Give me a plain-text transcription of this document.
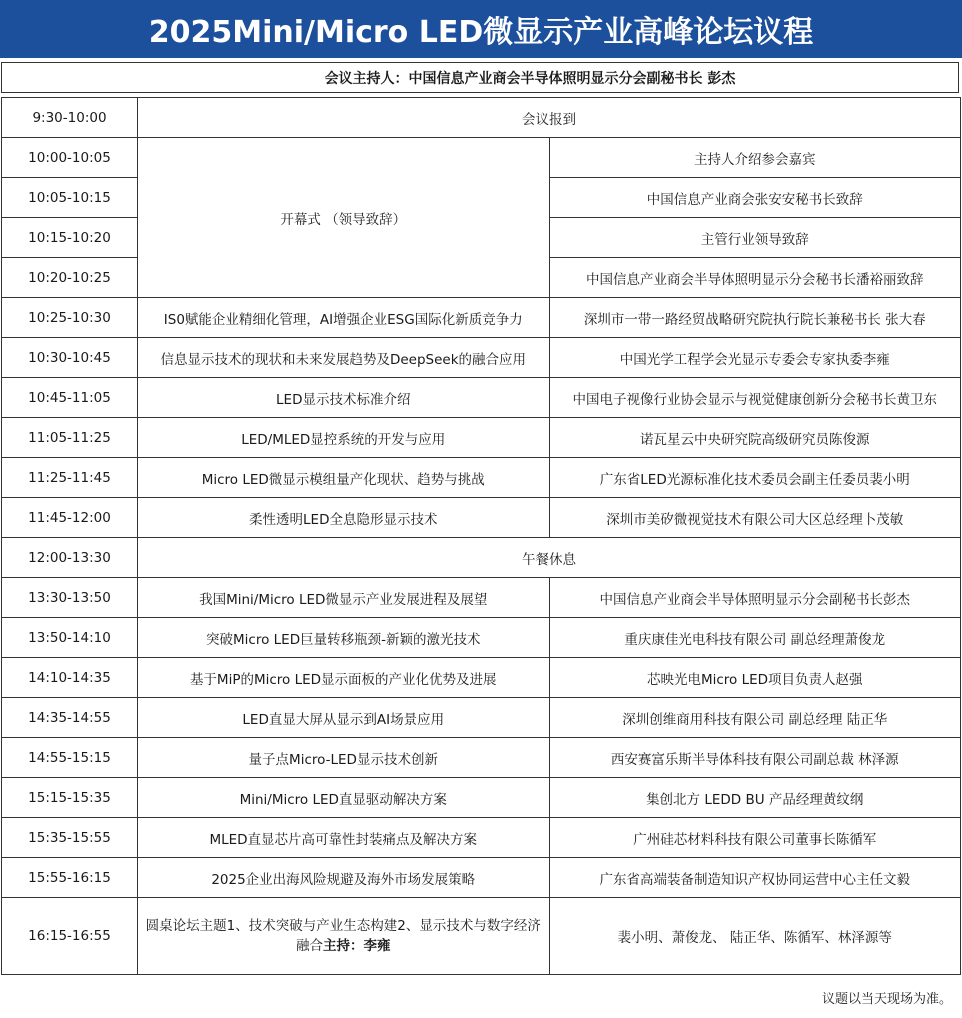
2025Mini/Micro LED微显示产业高峰论坛议程
会议主持人：中国信息产业商会半导体照明显示分会副秘书长 彭杰
9:30-10:00	会议报到	
10:00-10:05	开幕式 （领导致辞）	主持人介绍参会嘉宾
10:05-10:15		中国信息产业商会张安安秘书长致辞
10:15-10:20		主管行业领导致辞
10:20-10:25		中国信息产业商会半导体照明显示分会秘书长潘裕丽致辞
10:25-10:30	IS0赋能企业精细化管理，AI增强企业ESG国际化新质竞争力	深圳市一带一路经贸战略研究院执行院长兼秘书长 张大春
10:30-10:45	信息显示技术的现状和未来发展趋势及DeepSeek的融合应用	中国光学工程学会光显示专委会专家执委李雍
10:45-11:05	LED显示技术标准介绍	中国电子视像行业协会显示与视觉健康创新分会秘书长黄卫东
11:05-11:25	LED/MLED显控系统的开发与应用	诺瓦星云中央研究院高级研究员陈俊源
11:25-11:45	Micro LED微显示模组量产化现状、趋势与挑战	广东省LED光源标准化技术委员会副主任委员裴小明
11:45-12:00	柔性透明LED全息隐形显示技术	深圳市美矽微视觉技术有限公司大区总经理卜茂敏
12:00-13:30	午餐休息	
13:30-13:50	我国Mini/Micro LED微显示产业发展进程及展望	中国信息产业商会半导体照明显示分会副秘书长彭杰
13:50-14:10	突破Micro LED巨量转移瓶颈-新颖的激光技术	重庆康佳光电科技有限公司 副总经理萧俊龙
14:10-14:35	基于MiP的Micro LED显示面板的产业化优势及进展	芯映光电Micro LED项目负责人赵强
14:35-14:55	LED直显大屏从显示到AI场景应用	深圳创维商用科技有限公司 副总经理 陆正华
14:55-15:15	量子点Micro-LED显示技术创新	西安赛富乐斯半导体科技有限公司副总裁 林泽源
15:15-15:35	Mini/Micro LED直显驱动解决方案	集创北方 LEDD BU 产品经理黄纹纲
15:35-15:55	MLED直显芯片高可靠性封装痛点及解决方案	广州硅芯材料科技有限公司董事长陈循军
15:55-16:15	2025企业出海风险规避及海外市场发展策略	广东省高端装备制造知识产权协同运营中心主任文毅
16:15-16:55	圆桌论坛主题1、技术突破与产业生态构建2、显示技术与数字经济融合主持：李雍	裴小明、萧俊龙、 陆正华、陈循军、林泽源等
议题以当天现场为准。
